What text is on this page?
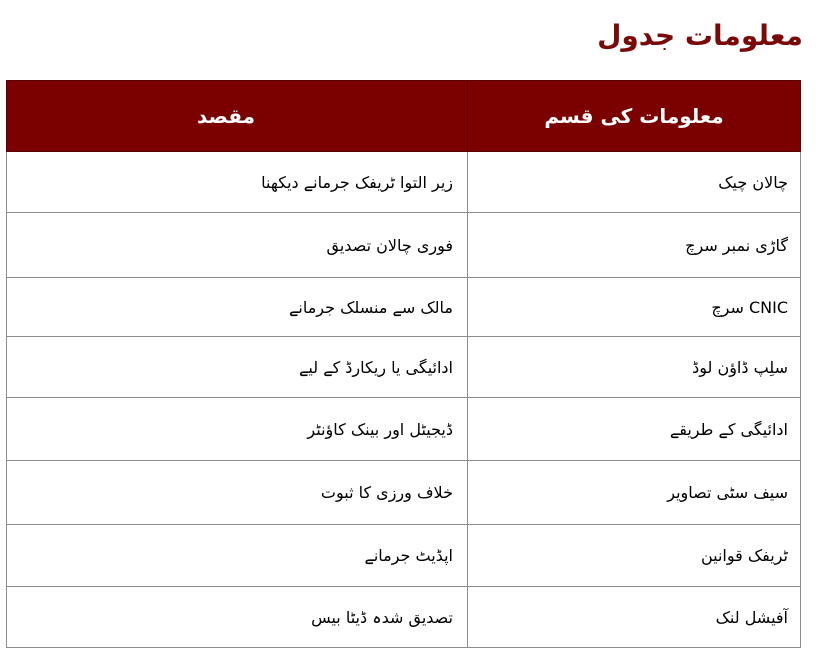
معلومات جدول
معلومات کی قسم	مقصد
چالان چیک	زیر التوا ٹریفک جرمانے دیکھنا
گاڑی نمبر سرچ	فوری چالان تصدیق
CNIC سرچ	مالک سے منسلک جرمانے
سلِپ ڈاؤن لوڈ	ادائیگی یا ریکارڈ کے لیے
ادائیگی کے طریقے	ڈیجیٹل اور بینک کاؤنٹر
سیف سٹی تصاویر	خلاف ورزی کا ثبوت
ٹریفک قوانین	اپڈیٹ جرمانے
آفیشل لنک	تصدیق شدہ ڈیٹا بیس
